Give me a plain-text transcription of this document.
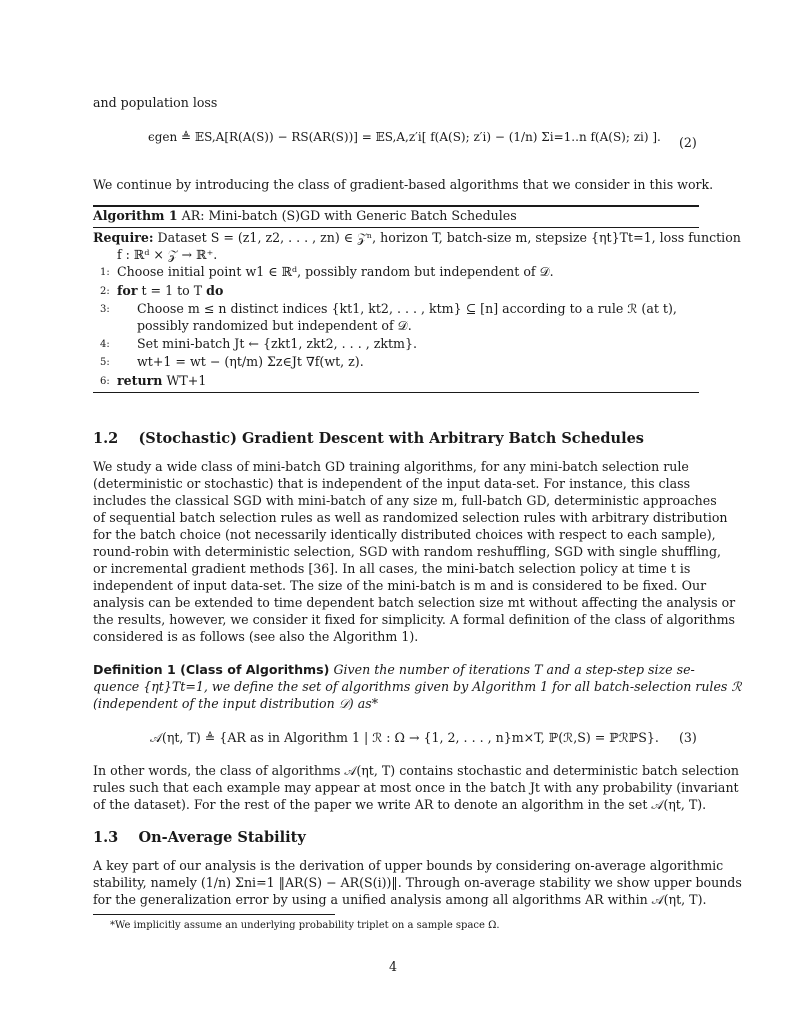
and population loss
ϵgen ≜ 𝔼S,A[R(A(S)) − RS(AR(S))] = 𝔼S,A,z′i[ f(A(S); z′i) − (1/n) Σi=1..n f(A(S); zi) ]. (2)
We continue by introducing the class of gradient-based algorithms that we consider in this work.
Algorithm 1 AR: Mini-batch (S)GD with Generic Batch Schedules
Require: Dataset S = (z1, z2, . . . , zn) ∈ 𝒵ⁿ, horizon T, batch-size m, stepsize {ηt}Tt=1, loss function
f : ℝᵈ × 𝒵 → ℝ⁺.
1: Choose initial point w1 ∈ ℝᵈ, possibly random but independent of 𝒟.
2: for t = 1 to T do
3: Choose m ≤ n distinct indices {kt1, kt2, . . . , ktm} ⊆ [n] according to a rule ℛ (at t),
possibly randomized but independent of 𝒟.
4: Set mini-batch Jt ← {zkt1, zkt2, . . . , zktm}.
5: wt+1 = wt − (ηt/m) Σz∈Jt ∇f(wt, z).
6: return WT+1
1.2 (Stochastic) Gradient Descent with Arbitrary Batch Schedules
We study a wide class of mini-batch GD training algorithms, for any mini-batch selection rule
(deterministic or stochastic) that is independent of the input data-set. For instance, this class
includes the classical SGD with mini-batch of any size m, full-batch GD, deterministic approaches
of sequential batch selection rules as well as randomized selection rules with arbitrary distribution
for the batch choice (not necessarily identically distributed choices with respect to each sample),
round-robin with deterministic selection, SGD with random reshuffling, SGD with single shuffling,
or incremental gradient methods [36]. In all cases, the mini-batch selection policy at time t is
independent of input data-set. The size of the mini-batch is m and is considered to be fixed. Our
analysis can be extended to time dependent batch selection size mt without affecting the analysis or
the results, however, we consider it fixed for simplicity. A formal definition of the class of algorithms
considered is as follows (see also the Algorithm 1).
Definition 1 (Class of Algorithms) Given the number of iterations T and a step-step size se-
quence {ηt}Tt=1, we define the set of algorithms given by Algorithm 1 for all batch-selection rules ℛ
(independent of the input distribution 𝒟) as*
𝒜(ηt, T) ≜ {AR as in Algorithm 1 | ℛ : Ω → {1, 2, . . . , n}m×T, ℙ(ℛ,S) = ℙℛℙS}. (3)
In other words, the class of algorithms 𝒜(ηt, T) contains stochastic and deterministic batch selection
rules such that each example may appear at most once in the batch Jt with any probability (invariant
of the dataset). For the rest of the paper we write AR to denote an algorithm in the set 𝒜(ηt, T).
1.3 On-Average Stability
A key part of our analysis is the derivation of upper bounds by considering on-average algorithmic
stability, namely (1/n) Σni=1 ‖AR(S) − AR(S(i))‖. Through on-average stability we show upper bounds
for the generalization error by using a unified analysis among all algorithms AR within 𝒜(ηt, T).
*We implicitly assume an underlying probability triplet on a sample space Ω.
4
